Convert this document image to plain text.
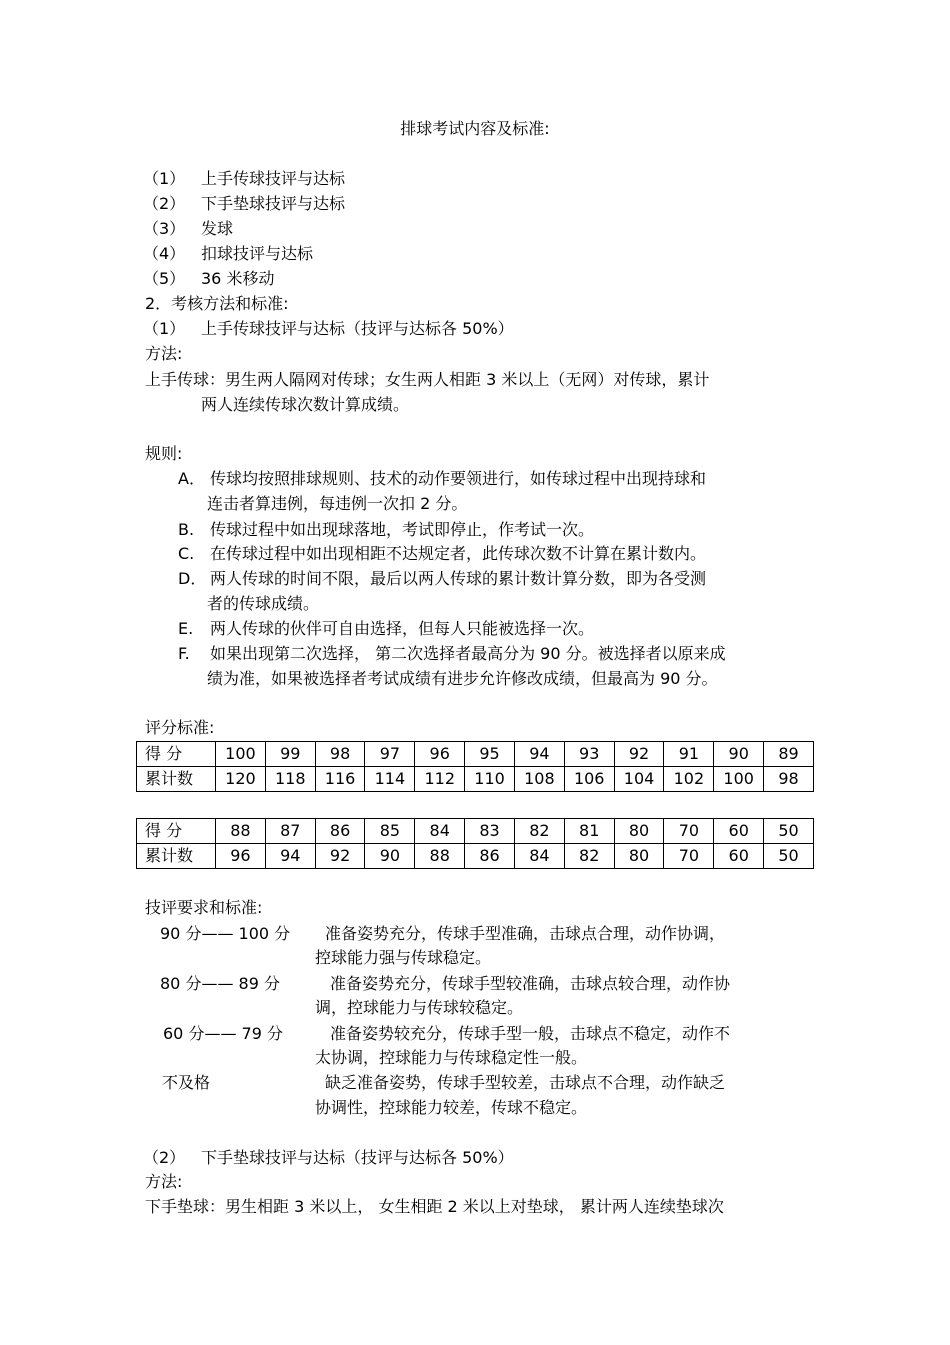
排球考试内容及标准:
（1） 上手传球技评与达标
（2） 下手垫球技评与达标
（3） 发球
（4） 扣球技评与达标
（5） 36 米移动
2．考核方法和标准:
（1） 上手传球技评与达标（技评与达标各 50%）
方法:
上手传球：男生两人隔网对传球；女生两人相距 3 米以上（无网）对传球，累计
两人连续传球次数计算成绩。
规则:
A． 传球均按照排球规则、技术的动作要领进行，如传球过程中出现持球和
连击者算违例，每违例一次扣 2 分。
B. 传球过程中如出现球落地，考试即停止，作考试一次。
C. 在传球过程中如出现相距不达规定者，此传球次数不计算在累计数内。
D． 两人传球的时间不限，最后以两人传球的累计数计算分数，即为各受测
者的传球成绩。
E. 两人传球的伙伴可自由选择，但每人只能被选择一次。
F. 如果出现第二次选择， 第二次选择者最高分为 90 分。被选择者以原来成
绩为准，如果被选择者考试成绩有进步允许修改成绩，但最高为 90 分。
评分标准:
得 分	100	99	98	97	96	95	94	93	92	91	90	89
累计数	120	118	116	114	112	110	108	106	104	102	100	98
得 分	88	87	86	85	84	83	82	81	80	70	60	50
累计数	96	94	92	90	88	86	84	82	80	70	60	50
技评要求和标准:
90 分—— 100 分 准备姿势充分，传球手型准确，击球点合理，动作协调，
控球能力强与传球稳定。
80 分—— 89 分	准备姿势充分，传球手型较准确，击球点较合理，动作协
调，控球能力与传球较稳定。
60 分—— 79 分	准备姿势较充分，传球手型一般，击球点不稳定，动作不
太协调，控球能力与传球稳定性一般。
不及格	缺乏准备姿势，传球手型较差，击球点不合理，动作缺乏
协调性，控球能力较差，传球不稳定。
（2） 下手垫球技评与达标（技评与达标各 50%）
方法:
下手垫球：男生相距 3 米以上， 女生相距 2 米以上对垫球， 累计两人连续垫球次
